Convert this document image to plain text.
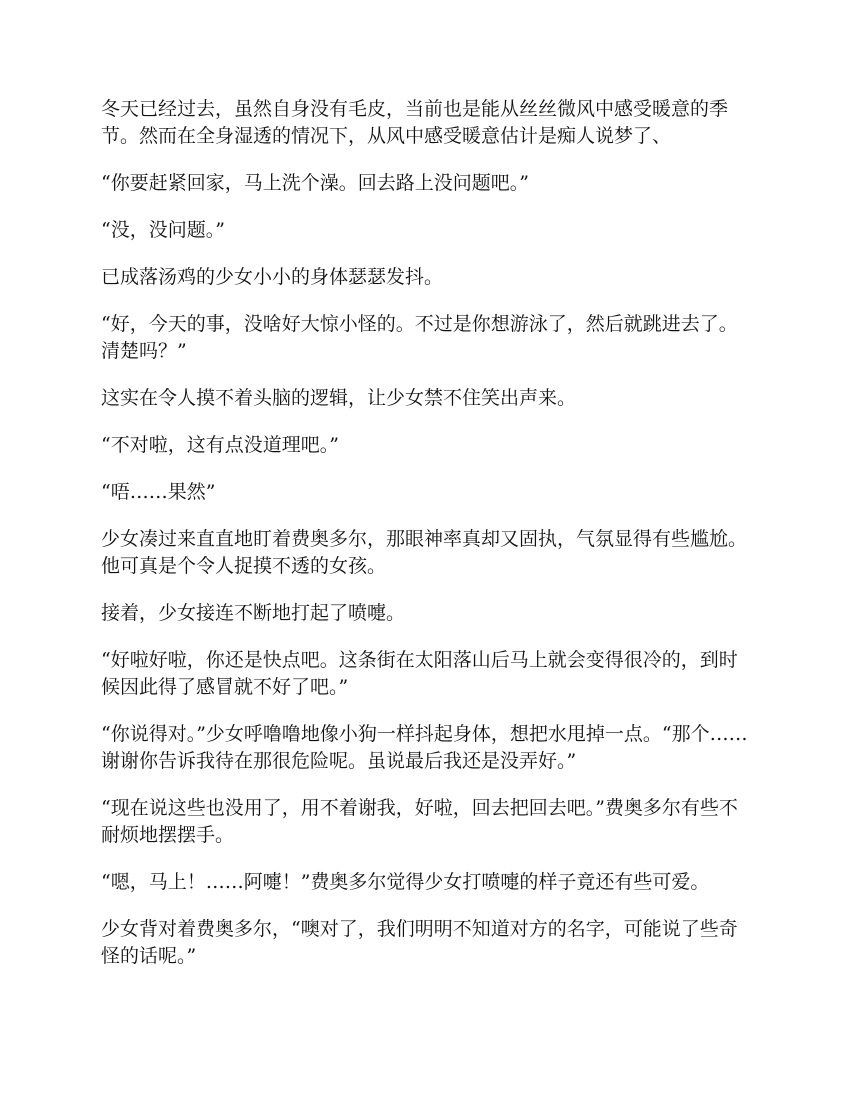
冬天已经过去，虽然自身没有毛皮，当前也是能从丝丝微风中感受暖意的季节。然而在全身湿透的情况下，从风中感受暖意估计是痴人说梦了、

“你要赶紧回家，马上洗个澡。回去路上没问题吧。”

“没，没问题。”

已成落汤鸡的少女小小的身体瑟瑟发抖。

“好，今天的事，没啥好大惊小怪的。不过是你想游泳了，然后就跳进去了。清楚吗？”

这实在令人摸不着头脑的逻辑，让少女禁不住笑出声来。

“不对啦，这有点没道理吧。”

“唔……果然”

少女凑过来直直地盯着费奥多尔，那眼神率真却又固执，气氛显得有些尴尬。他可真是个令人捉摸不透的女孩。

接着，少女接连不断地打起了喷嚏。

“好啦好啦，你还是快点吧。这条街在太阳落山后马上就会变得很冷的，到时候因此得了感冒就不好了吧。”

“你说得对。”少女呼噜噜地像小狗一样抖起身体，想把水甩掉一点。“那个……谢谢你告诉我待在那很危险呢。虽说最后我还是没弄好。”

“现在说这些也没用了，用不着谢我，好啦，回去把回去吧。”费奥多尔有些不耐烦地摆摆手。

“嗯，马上！……阿嚏！”费奥多尔觉得少女打喷嚏的样子竟还有些可爱。

少女背对着费奥多尔，“噢对了，我们明明不知道对方的名字，可能说了些奇怪的话呢。”
